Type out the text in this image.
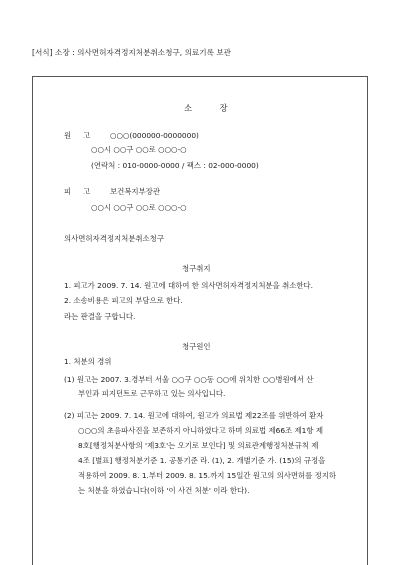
[서식] 소장 : 의사면허자격정지처분취소청구, 의료기록 보관
소	장
원 고	○○○(000000-0000000)
○○시 ○○구 ○○로 ○○○-○
(연락처 : 010-0000-0000 / 팩스 : 02-000-0000)
피 고	보건복지부장관
○○시 ○○구 ○○로 ○○○-○
의사면허자격정지처분취소청구
청구취지
1. 피고가 2009. 7. 14. 원고에 대하여 한 의사면허자격정지처분을 취소한다.
2. 소송비용은 피고의 부담으로 한다.
라는 판결을 구합니다.
청구원인
1. 처분의 경위
(1) 원고는 2007. 3.경부터 서울 ○○구 ○○동 ○○에 위치한 ○○병원에서 산
부인과 피지던트로 근무하고 있는 의사입니다.
(2) 피고는 2009. 7. 14. 원고에 대하여, 원고가 의료법 제22조를 위반하여 환자
○○○의 초음파사진을 보존하지 아니하였다고 하며 의료법 제66조 제1항 제
8호[행정처분사항의 '제3호'는 오기로 보인다] 및 의료관계행정처분규칙 제
4조 [별표] 행정처분기준 1. 공통기준 라. (1), 2. 개별기준 가. (15)의 규정을
적용하여 2009. 8. 1.부터 2009. 8. 15.까지 15일간 원고의 의사면허를 정지하
는 처분을 하였습니다(이하 '이 사건 처분' 이라 한다).
